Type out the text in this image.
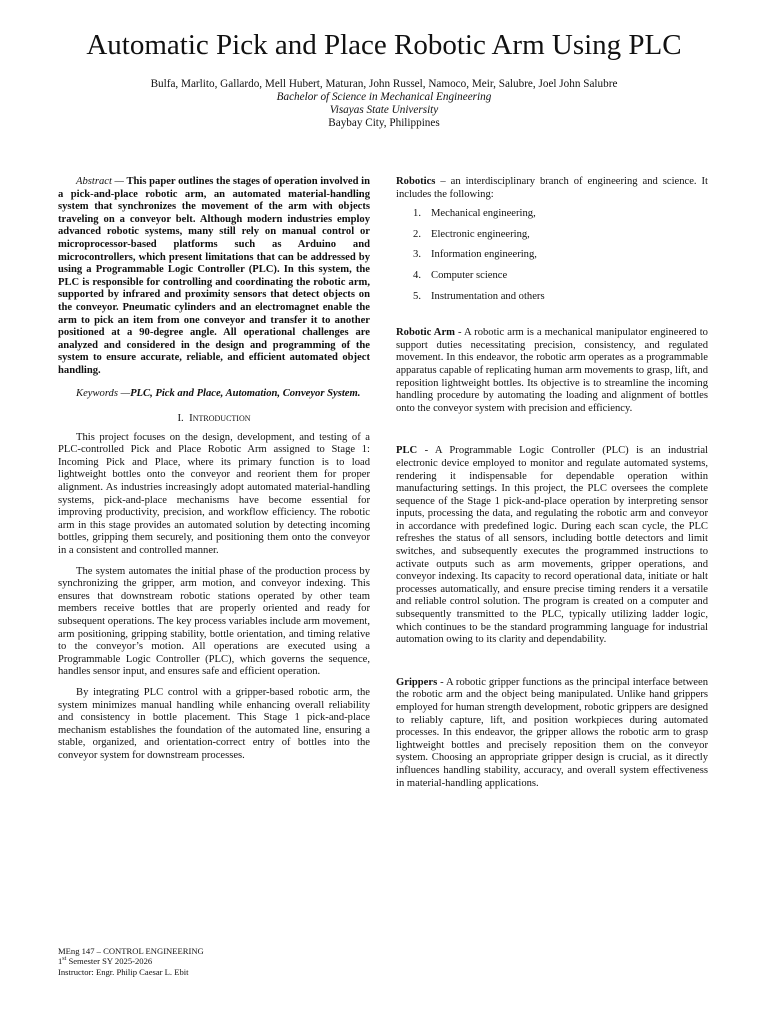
Automatic Pick and Place Robotic Arm Using PLC
Bulfa, Marlito, Gallardo, Mell Hubert, Maturan, John Russel, Namoco, Meir, Salubre, Joel John Salubre
Bachelor of Science in Mechanical Engineering
Visayas State University
Baybay City, Philippines

Abstract — This paper outlines the stages of operation involved in a pick-and-place robotic arm, an automated material-handling system that synchronizes the movement of the arm with objects traveling on a conveyor belt. Although modern industries employ advanced robotic systems, many still rely on manual control or microprocessor-based platforms such as Arduino and microcontrollers, which present limitations that can be addressed by using a Programmable Logic Controller (PLC). In this system, the PLC is responsible for controlling and coordinating the robotic arm, supported by infrared and proximity sensors that detect objects on the conveyor. Pneumatic cylinders and an electromagnet enable the arm to pick an item from one conveyor and transfer it to another positioned at a 90-degree angle. All operational challenges are analyzed and considered in the design and programming of the system to ensure accurate, reliable, and efficient automated object handling.

Keywords —PLC, Pick and Place, Automation, Conveyor System.

I. Introduction

This project focuses on the design, development, and testing of a PLC-controlled Pick and Place Robotic Arm assigned to Stage 1: Incoming Pick and Place, where its primary function is to load lightweight bottles onto the conveyor and reorient them for proper alignment. As industries increasingly adopt automated material-handling systems, pick-and-place mechanisms have become essential for improving productivity, precision, and workflow efficiency. The robotic arm in this stage provides an automated solution by detecting incoming bottles, gripping them securely, and positioning them onto the conveyor in a consistent and controlled manner.

The system automates the initial phase of the production process by synchronizing the gripper, arm motion, and conveyor indexing. This ensures that downstream robotic stations operated by other team members receive bottles that are properly oriented and ready for subsequent operations. The key process variables include arm movement, arm positioning, gripping stability, bottle orientation, and timing relative to the conveyor’s motion. All operations are executed using a Programmable Logic Controller (PLC), which governs the sequence, handles sensor input, and ensures safe and efficient operation.

By integrating PLC control with a gripper-based robotic arm, the system minimizes manual handling while enhancing overall reliability and consistency in bottle placement. This Stage 1 pick-and-place mechanism establishes the foundation of the automated line, ensuring a stable, organized, and orientation-correct entry of bottles into the conveyor system for downstream processes.

Robotics – an interdisciplinary branch of engineering and science. It includes the following:

1. Mechanical engineering,
2. Electronic engineering,
3. Information engineering,
4. Computer science
5. Instrumentation and others

Robotic Arm - A robotic arm is a mechanical manipulator engineered to support duties necessitating precision, consistency, and regulated movement. In this endeavor, the robotic arm operates as a programmable apparatus capable of replicating human arm movements to grasp, lift, and reposition lightweight bottles. Its objective is to streamline the incoming handling procedure by automating the loading and alignment of bottles onto the conveyor system with precision and efficiency.

PLC - A Programmable Logic Controller (PLC) is an industrial electronic device employed to monitor and regulate automated systems, rendering it indispensable for dependable operation within manufacturing settings. In this project, the PLC oversees the complete sequence of the Stage 1 pick-and-place operation by interpreting sensor inputs, processing the data, and regulating the robotic arm and conveyor in accordance with predefined logic. During each scan cycle, the PLC refreshes the status of all sensors, including bottle detectors and limit switches, and subsequently executes the programmed instructions to activate outputs such as arm movements, gripper operations, and conveyor indexing. Its capacity to record operational data, initiate or halt processes automatically, and ensure precise timing renders it a versatile and reliable control solution. The program is created on a computer and subsequently transmitted to the PLC, typically utilizing ladder logic, which continues to be the standard programming language for industrial automation owing to its clarity and dependability.

Grippers - A robotic gripper functions as the principal interface between the robotic arm and the object being manipulated. Unlike hand grippers employed for human strength development, robotic grippers are designed to reliably capture, lift, and position workpieces during automated processes. In this endeavor, the gripper allows the robotic arm to grasp lightweight bottles and precisely reposition them on the conveyor system. Choosing an appropriate gripper design is crucial, as it directly influences handling stability, accuracy, and overall system effectiveness in material-handling applications.

MEng 147 – CONTROL ENGINEERING
1st Semester SY 2025-2026
Instructor: Engr. Philip Caesar L. Ebit
